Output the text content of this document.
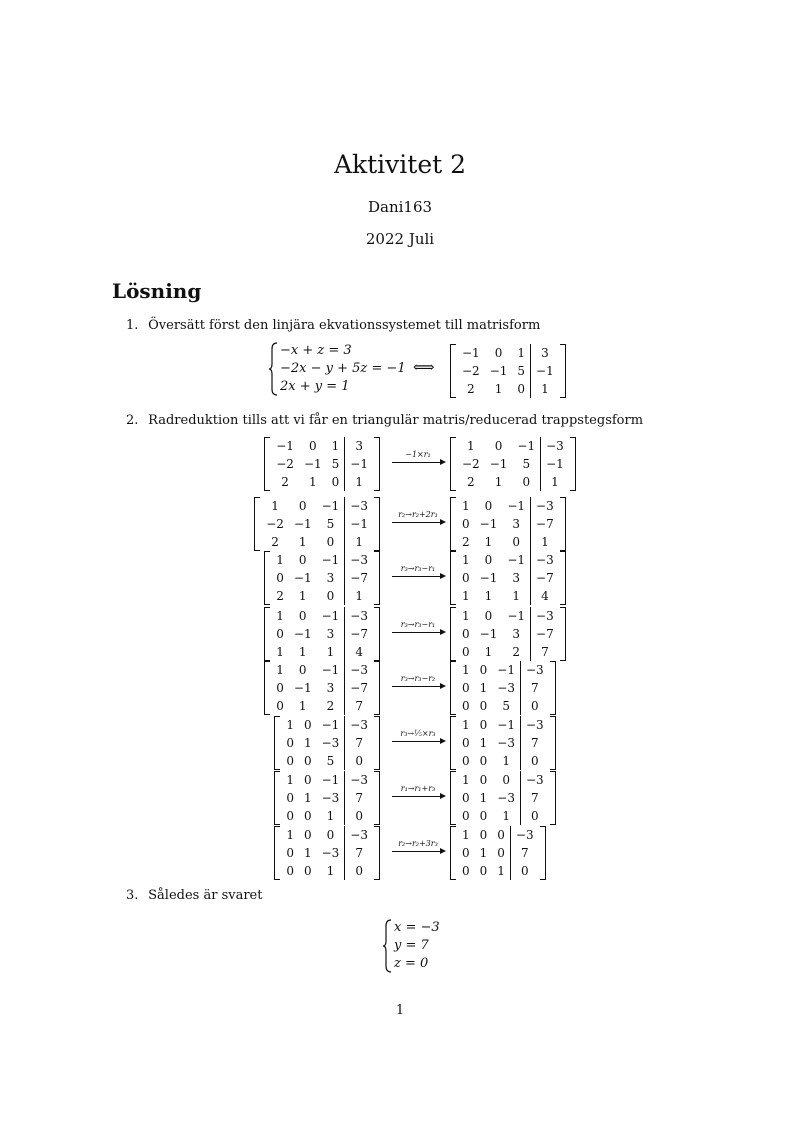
Aktivitet 2
Dani163
2022 Juli
Lösning
1. Översätt först den linjära ekvationssystemet till matrisform
−x + z = 3
−2x − y + 5z = −1
2x + y = 1
⟺
−1	0	1	3
−2	−1	5	−1
2	1	0	1
2. Radreduktion tills att vi får en triangulär matris/reducerad trappstegsform
−1	0	1	3
−2	−1	5	−1
2	1	0	1
−1×r₁
1	0	−1	−3
−2	−1	5	−1
2	1	0	1
1	0	−1	−3
−2	−1	5	−1
2	1	0	1
r₂→r₂+2r₁
1	0	−1	−3
0	−1	3	−7
2	1	0	1
1	0	−1	−3
0	−1	3	−7
2	1	0	1
r₃→r₃−r₁
1	0	−1	−3
0	−1	3	−7
1	1	1	4
1	0	−1	−3
0	−1	3	−7
1	1	1	4
r₃→r₃−r₁
1	0	−1	−3
0	−1	3	−7
0	1	2	7
1	0	−1	−3
0	−1	3	−7
0	1	2	7
r₃→r₃−r₂
1	0	−1	−3
0	1	−3	7
0	0	5	0
1	0	−1	−3
0	1	−3	7
0	0	5	0
r₃→⅕×r₃
1	0	−1	−3
0	1	−3	7
0	0	1	0
1	0	−1	−3
0	1	−3	7
0	0	1	0
r₁→r₁+r₃
1	0	0	−3
0	1	−3	7
0	0	1	0
1	0	0	−3
0	1	−3	7
0	0	1	0
r₂→r₂+3r₃
1	0	0	−3
0	1	0	7
0	0	1	0
3. Således är svaret
x = −3
y = 7
z = 0
1
